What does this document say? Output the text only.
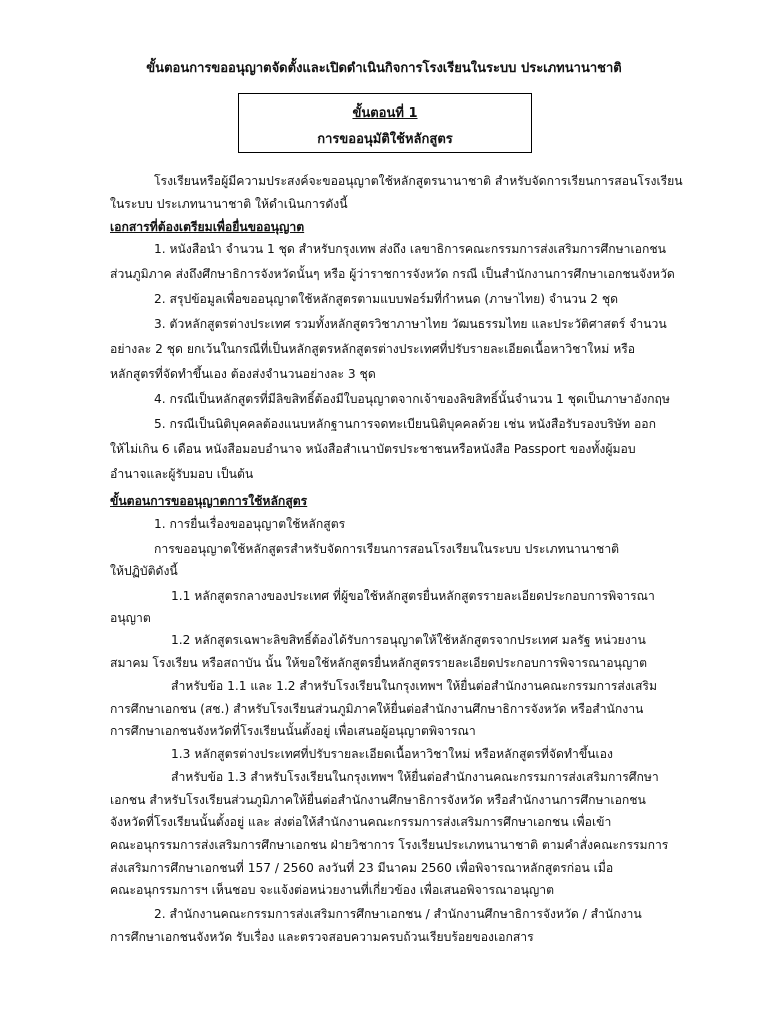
ขั้นตอนการขออนุญาตจัดตั้งและเปิดดำเนินกิจการโรงเรียนในระบบ ประเภทนานาชาติ
ขั้นตอนที่ 1
การขออนุมัติใช้หลักสูตร
โรงเรียนหรือผู้มีความประสงค์จะขออนุญาตใช้หลักสูตรนานาชาติ สำหรับจัดการเรียนการสอนโรงเรียน
ในระบบ ประเภทนานาชาติ ให้ดำเนินการดังนี้
เอกสารที่ต้องเตรียมเพื่อยื่นขออนุญาต
1. หนังสือนำ จำนวน 1 ชุด สำหรับกรุงเทพ ส่งถึง เลขาธิการคณะกรรมการส่งเสริมการศึกษาเอกชน
ส่วนภูมิภาค ส่งถึงศึกษาธิการจังหวัดนั้นๆ หรือ ผู้ว่าราชการจังหวัด กรณี เป็นสำนักงานการศึกษาเอกชนจังหวัด
2. สรุปข้อมูลเพื่อขออนุญาตใช้หลักสูตรตามแบบฟอร์มที่กำหนด (ภาษาไทย) จำนวน 2 ชุด
3. ตัวหลักสูตรต่างประเทศ รวมทั้งหลักสูตรวิชาภาษาไทย วัฒนธรรมไทย และประวัติศาสตร์ จำนวน
อย่างละ 2 ชุด ยกเว้นในกรณีที่เป็นหลักสูตรหลักสูตรต่างประเทศที่ปรับรายละเอียดเนื้อหาวิชาใหม่ หรือ
หลักสูตรที่จัดทำขึ้นเอง ต้องส่งจำนวนอย่างละ 3 ชุด
4. กรณีเป็นหลักสูตรที่มีลิขสิทธิ์ต้องมีใบอนุญาตจากเจ้าของลิขสิทธิ์นั้นจำนวน 1 ชุดเป็นภาษาอังกฤษ
5. กรณีเป็นนิติบุคคลต้องแนบหลักฐานการจดทะเบียนนิติบุคคลด้วย เช่น หนังสือรับรองบริษัท ออก
ให้ไม่เกิน 6 เดือน หนังสือมอบอำนาจ หนังสือสำเนาบัตรประชาชนหรือหนังสือ Passport ของทั้งผู้มอบ
อำนาจและผู้รับมอบ เป็นต้น
ขั้นตอนการขออนุญาตการใช้หลักสูตร
1. การยื่นเรื่องขออนุญาตใช้หลักสูตร
การขออนุญาตใช้หลักสูตรสำหรับจัดการเรียนการสอนโรงเรียนในระบบ ประเภทนานาชาติ
ให้ปฏิบัติดังนี้
1.1 หลักสูตรกลางของประเทศ ที่ผู้ขอใช้หลักสูตรยื่นหลักสูตรรายละเอียดประกอบการพิจารณา
อนุญาต
1.2 หลักสูตรเฉพาะลิขสิทธิ์ต้องได้รับการอนุญาตให้ใช้หลักสูตรจากประเทศ มลรัฐ หน่วยงาน
สมาคม โรงเรียน หรือสถาบัน นั้น ให้ขอใช้หลักสูตรยื่นหลักสูตรรายละเอียดประกอบการพิจารณาอนุญาต
สำหรับข้อ 1.1 และ 1.2 สำหรับโรงเรียนในกรุงเทพฯ ให้ยื่นต่อสำนักงานคณะกรรมการส่งเสริม
การศึกษาเอกชน (สช.) สำหรับโรงเรียนส่วนภูมิภาคให้ยื่นต่อสำนักงานศึกษาธิการจังหวัด หรือสำนักงาน
การศึกษาเอกชนจังหวัดที่โรงเรียนนั้นตั้งอยู่ เพื่อเสนอผู้อนุญาตพิจารณา
1.3 หลักสูตรต่างประเทศที่ปรับรายละเอียดเนื้อหาวิชาใหม่ หรือหลักสูตรที่จัดทำขึ้นเอง
สำหรับข้อ 1.3 สำหรับโรงเรียนในกรุงเทพฯ ให้ยื่นต่อสำนักงานคณะกรรมการส่งเสริมการศึกษา
เอกชน สำหรับโรงเรียนส่วนภูมิภาคให้ยื่นต่อสำนักงานศึกษาธิการจังหวัด หรือสำนักงานการศึกษาเอกชน
จังหวัดที่โรงเรียนนั้นตั้งอยู่ และ ส่งต่อให้สำนักงานคณะกรรมการส่งเสริมการศึกษาเอกชน เพื่อเข้า
คณะอนุกรรมการส่งเสริมการศึกษาเอกชน ฝ่ายวิชาการ โรงเรียนประเภทนานาชาติ ตามคำสั่งคณะกรรมการ
ส่งเสริมการศึกษาเอกชนที่ 157 / 2560 ลงวันที่ 23 มีนาคม 2560 เพื่อพิจารณาหลักสูตรก่อน เมื่อ
คณะอนุกรรมการฯ เห็นชอบ จะแจ้งต่อหน่วยงานที่เกี่ยวข้อง เพื่อเสนอพิจารณาอนุญาต
2. สำนักงานคณะกรรมการส่งเสริมการศึกษาเอกชน / สำนักงานศึกษาธิการจังหวัด / สำนักงาน
การศึกษาเอกชนจังหวัด รับเรื่อง และตรวจสอบความครบถ้วนเรียบร้อยของเอกสาร
